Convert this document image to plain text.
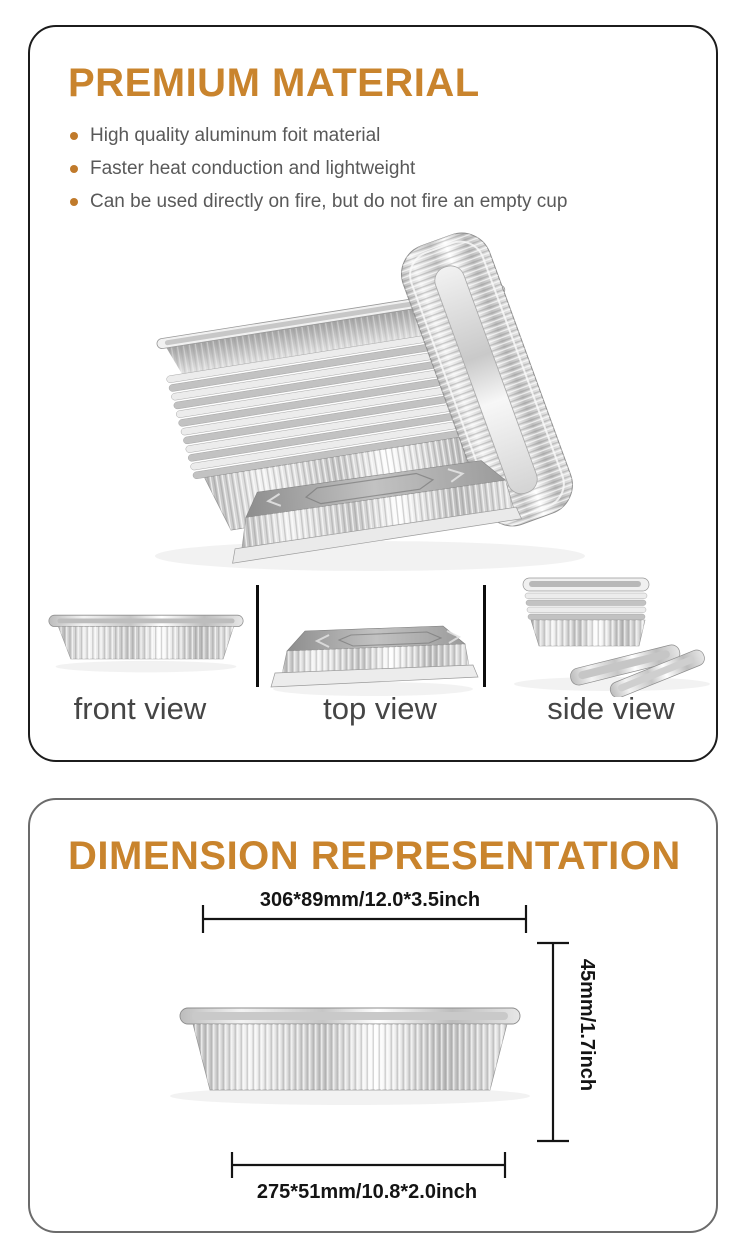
PREMIUM MATERIAL
High quality aluminum foit material
Faster heat conduction and lightweight
Can be used directly on fire, but do not fire an empty cup
front view	top view	side view
DIMENSION REPRESENTATION
306*89mm/12.0*3.5inch
45mm/1.7inch
275*51mm/10.8*2.0inch
